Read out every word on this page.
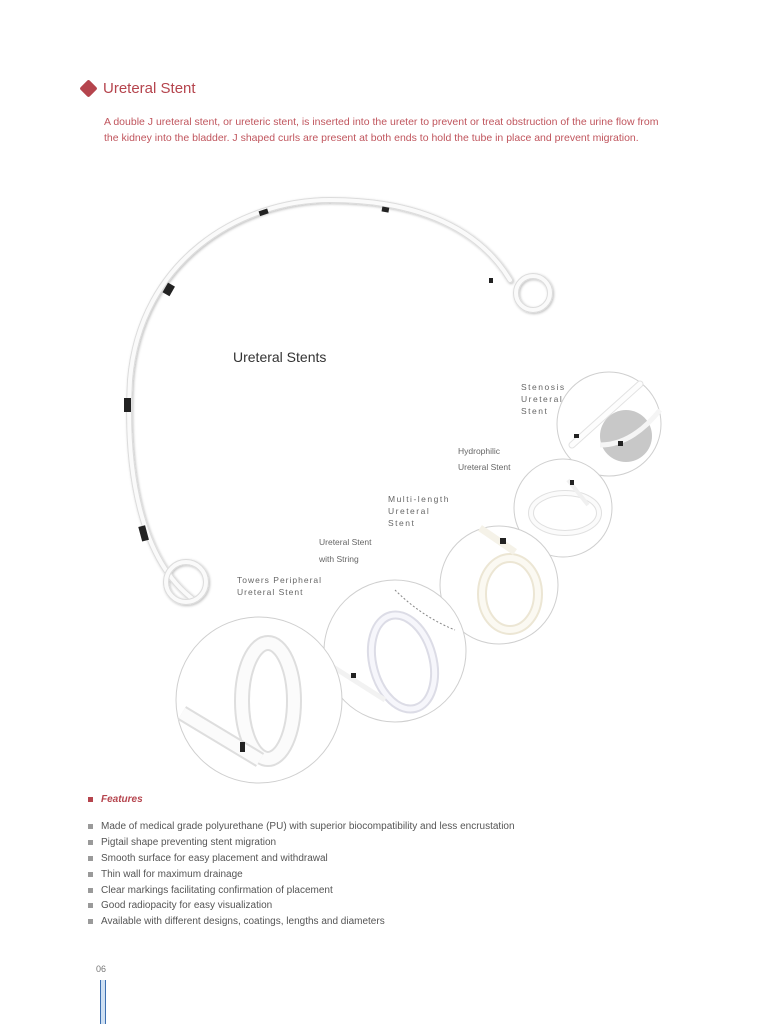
Ureteral Stent
A double J ureteral stent, or ureteric stent, is inserted into the ureter to prevent or treat obstruction of the urine flow from the kidney into the bladder. J shaped curls are present at both ends to hold the tube in place and prevent migration.
Ureteral Stents
Stenosis
Ureteral
Stent
Hydrophilic
Ureteral Stent
Multi-length
Ureteral
Stent
Ureteral Stent
with String
Towers Peripheral
Ureteral Stent
Features
Made of medical grade polyurethane (PU) with superior biocompatibility and less encrustation
Pigtail shape preventing stent migration
Smooth surface for easy placement and withdrawal
Thin wall for maximum drainage
Clear markings facilitating confirmation of placement
Good radiopacity for easy visualization
Available with different designs, coatings, lengths and diameters
06
